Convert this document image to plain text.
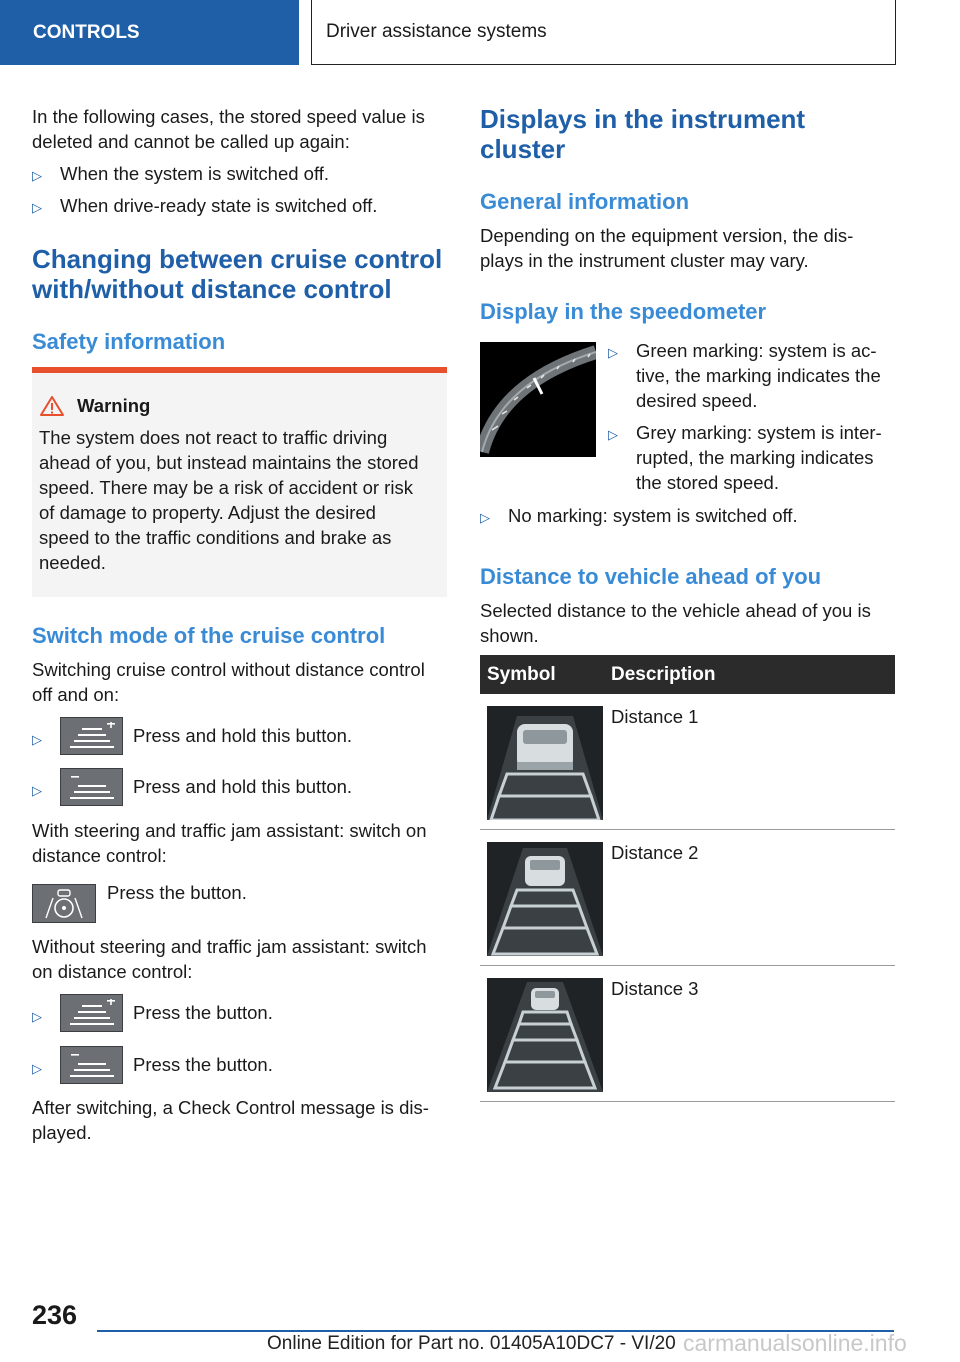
CONTROLS	Driver assistance systems
In the following cases, the stored speed value is
deleted and cannot be called up again:
▷ When the system is switched off.
▷ When drive-ready state is switched off.
Changing between cruise control
with/without distance control
Safety information
Warning
The system does not react to traffic driving
ahead of you, but instead maintains the stored
speed. There may be a risk of accident or risk
of damage to property. Adjust the desired
speed to the traffic conditions and brake as
needed.
Switch mode of the cruise control
Switching cruise control without distance control
off and on:
▷	Press and hold this button.
▷	Press and hold this button.
With steering and traffic jam assistant: switch on
distance control:
Press the button.
Without steering and traffic jam assistant: switch
on distance control:
▷	Press the button.
▷	Press the button.
After switching, a Check Control message is dis-
played.
Displays in the instrument
cluster
General information
Depending on the equipment version, the dis-
plays in the instrument cluster may vary.
Display in the speedometer
▷ Green marking: system is ac-
tive, the marking indicates the
desired speed.
▷ Grey marking: system is inter-
rupted, the marking indicates
the stored speed.
▷ No marking: system is switched off.
Distance to vehicle ahead of you
Selected distance to the vehicle ahead of you is
shown.
Symbol	Description
Distance 1
Distance 2
Distance 3
236
Online Edition for Part no. 01405A10DC7 - VI/20 carmanualsonline.info
